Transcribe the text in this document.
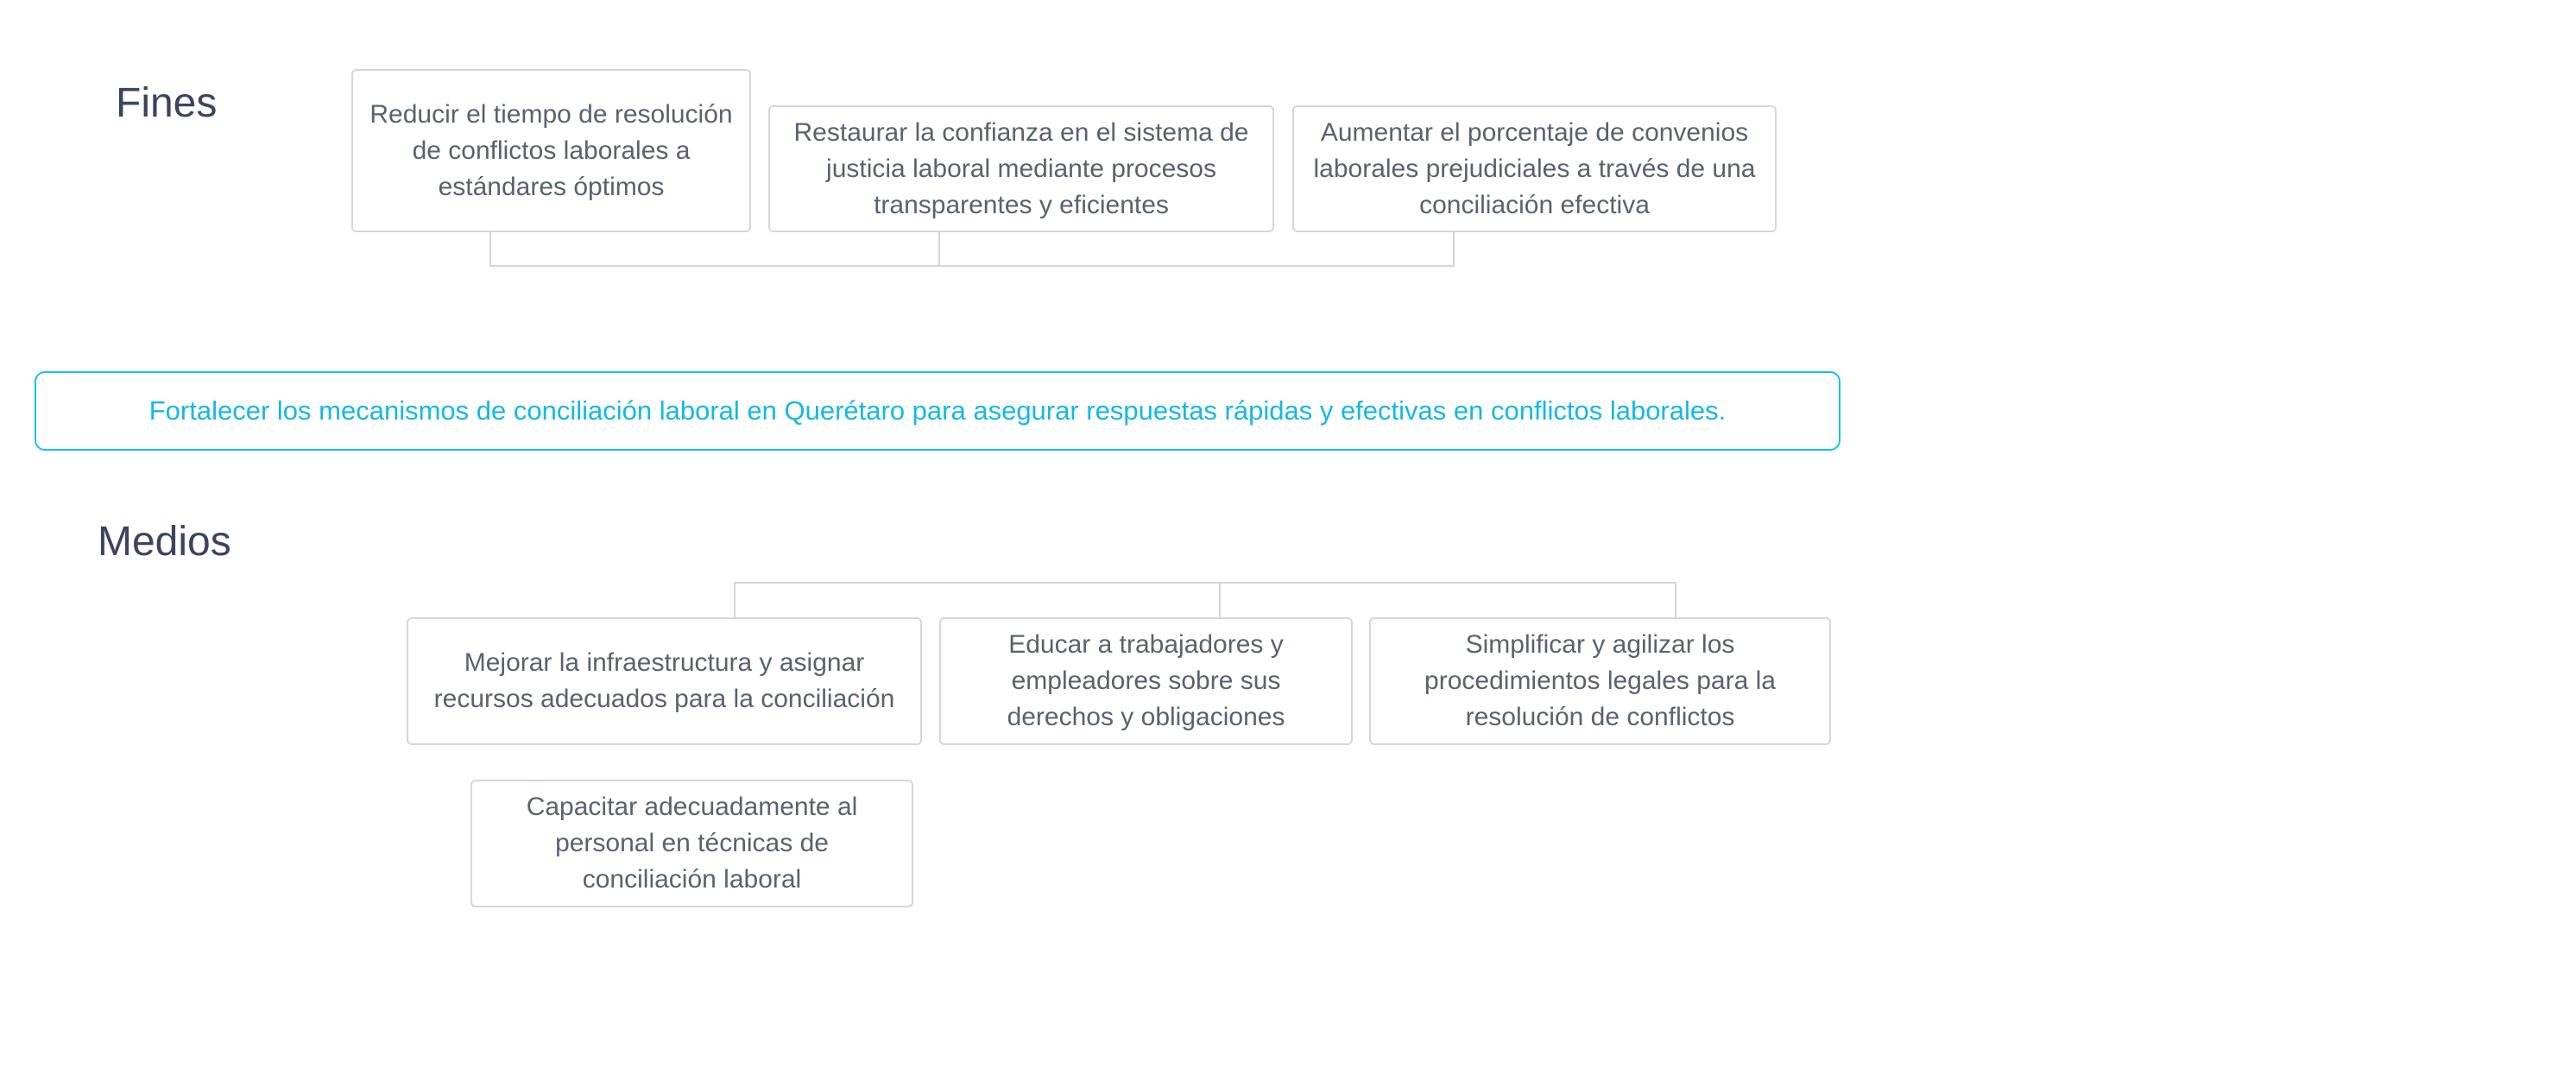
Fines	Reducir el tiempo de resolución de conflictos laborales a estándares óptimos
Restaurar la confianza en el sistema de justicia laboral mediante procesos transparentes y eficientes
Aumentar el porcentaje de convenios laborales prejudiciales a través de una conciliación efectiva
Fortalecer los mecanismos de conciliación laboral en Querétaro para asegurar respuestas rápidas y efectivas en conflictos laborales.
Medios
Mejorar la infraestructura y asignar recursos adecuados para la conciliación
Educar a trabajadores y empleadores sobre sus derechos y obligaciones
Simplificar y agilizar los procedimientos legales para la resolución de conflictos
Capacitar adecuadamente al personal en técnicas de conciliación laboral
